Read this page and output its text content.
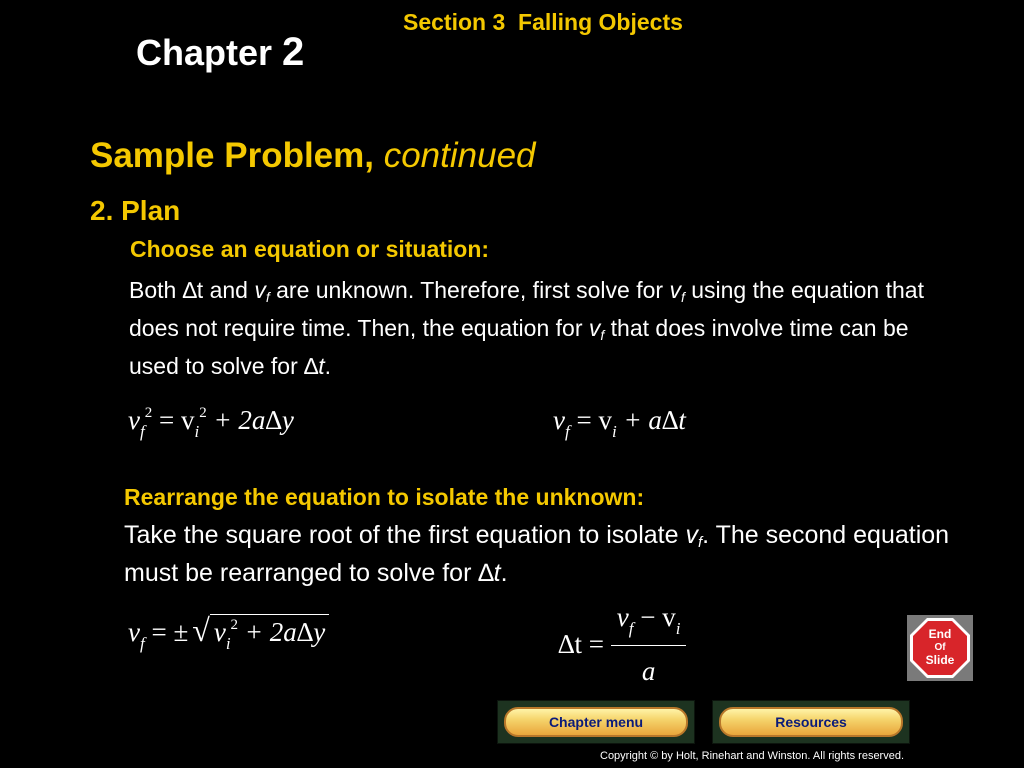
Chapter 2
Section 3 Falling Objects
Sample Problem, continued
2. Plan
Choose an equation or situation:
Both ∆t and $v_f$ are unknown. Therefore, first solve for vf using the equation that does not require time. Then, the equation for vf that does involve time can be used to solve for ∆t.
$v_f^2 = v_i^2 + 2a\Delta y$	$v_f = v_i + a\Delta t$
Rearrange the equation to isolate the unknown:
Take the square root of the first equation to isolate vf. The second equation must be rearranged to solve for ∆t.
$v_f$ = ± √ $v_i^2 + 2a\Delta y$	$\Delta t = \frac{v_f - v_i}{a}$
Chapter menu	Resources
End
Of
Slide
Copyright © by Holt, Rinehart and Winston. All rights reserved.
